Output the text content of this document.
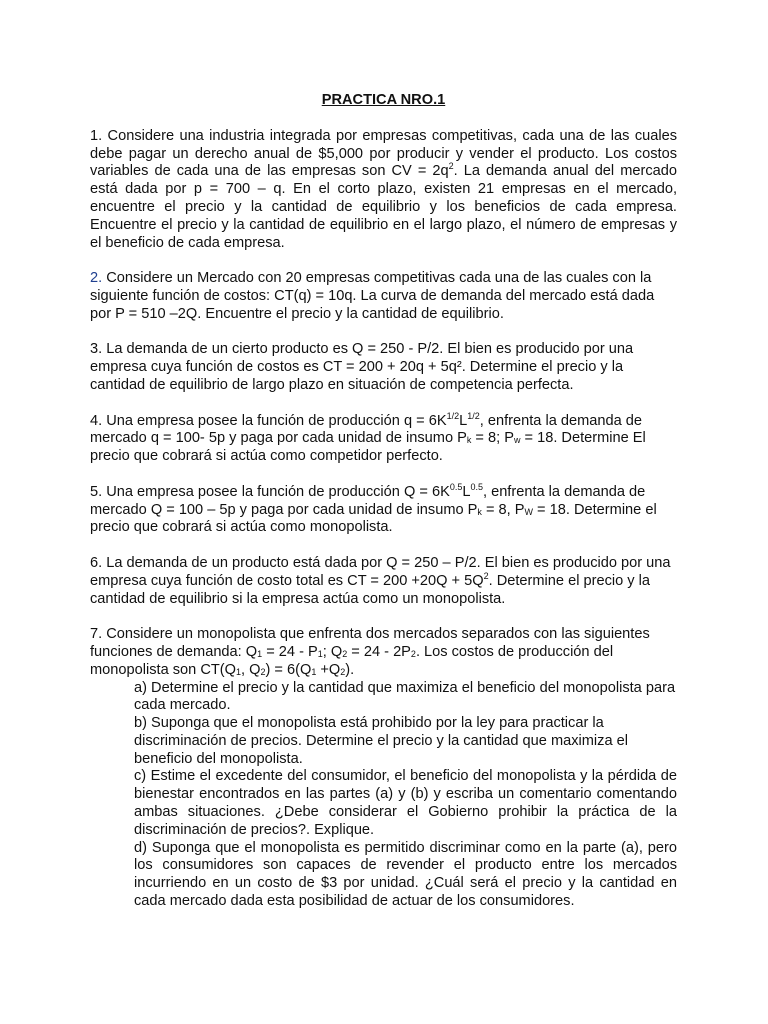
PRACTICA NRO.1

1. Considere una industria integrada por empresas competitivas, cada una de las cuales debe pagar un derecho anual de $5,000 por producir y vender el producto. Los costos variables de cada una de las empresas son CV = $2q^2$. La demanda anual del mercado está dada por p = 700 – q. En el corto plazo, existen 21 empresas en el mercado, encuentre el precio y la cantidad de equilibrio y los beneficios de cada empresa. Encuentre el precio y la cantidad de equilibrio en el largo plazo, el número de empresas y el beneficio de cada empresa.

2. Considere un Mercado con 20 empresas competitivas cada una de las cuales con la siguiente función de costos: CT(q) = 10q. La curva de demanda del mercado está dada por P = 510 –2Q. Encuentre el precio y la cantidad de equilibrio.

3. La demanda de un cierto producto es Q = 250 - P/2. El bien es producido por una empresa cuya función de costos es CT = 200 + 20q + 5q². Determine el precio y la cantidad de equilibrio de largo plazo en situación de competencia perfecta.

4. Una empresa posee la función de producción $q = 6K^{1/2}L^{1/2}$, enfrenta la demanda de mercado q = 100- 5p y paga por cada unidad de insumo $P_k = 8$; $P_w = 18$. Determine El precio que cobrará si actúa como competidor perfecto.

5. Una empresa posee la función de producción $Q = 6K^{0.5}L^{0.5}$, enfrenta la demanda de mercado Q = 100 – 5p y paga por cada unidad de insumo $P_k = 8$, $P_W = 18$. Determine el precio que cobrará si actúa como monopolista.

6. La demanda de un producto está dada por Q = 250 – P/2. El bien es producido por una empresa cuya función de costo total es CT = $200 +20Q + 5Q^2$. Determine el precio y la cantidad de equilibrio si la empresa actúa como un monopolista.

7. Considere un monopolista que enfrenta dos mercados separados con las siguientes funciones de demanda: $Q_1 = 24 - P_1$; $Q_2 = 24 - 2P_2$. Los costos de producción del monopolista son $CT(Q_1$, $Q_2) = 6(Q_1 +Q_2)$.
a) Determine el precio y la cantidad que maximiza el beneficio del monopolista para cada mercado.
b) Suponga que el monopolista está prohibido por la ley para practicar la discriminación de precios. Determine el precio y la cantidad que maximiza el beneficio del monopolista.
c) Estime el excedente del consumidor, el beneficio del monopolista y la pérdida de bienestar encontrados en las partes (a) y (b) y escriba un comentario comentando ambas situaciones. ¿Debe considerar el Gobierno prohibir la práctica de la discriminación de precios?. Explique.
d) Suponga que el monopolista es permitido discriminar como en la parte (a), pero los consumidores son capaces de revender el producto entre los mercados incurriendo en un costo de $3 por unidad. ¿Cuál será el precio y la cantidad en cada mercado dada esta posibilidad de actuar de los consumidores.
